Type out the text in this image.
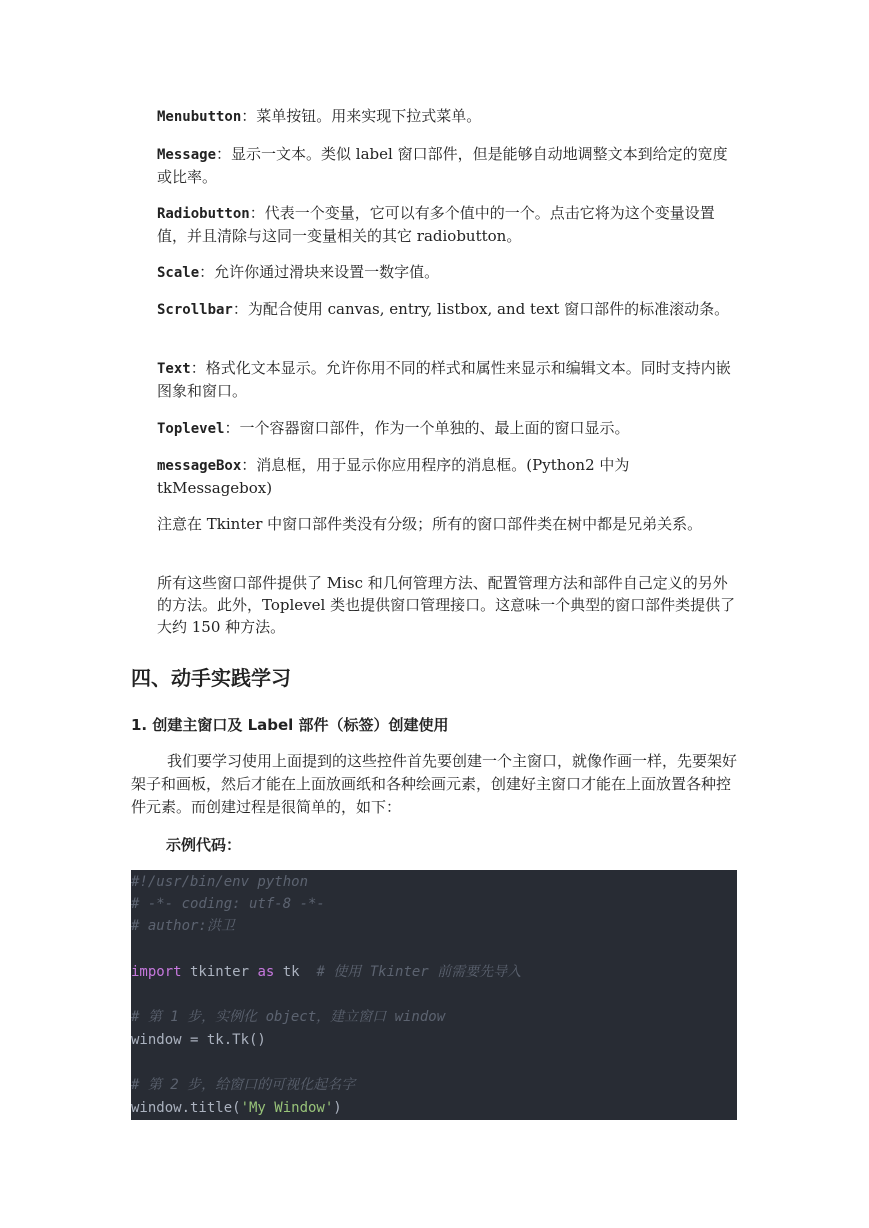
Menubutton：菜单按钮。用来实现下拉式菜单。
Message：显示一文本。类似 label 窗口部件，但是能够自动地调整文本到给定的宽度或比率。
Radiobutton：代表一个变量，它可以有多个值中的一个。点击它将为这个变量设置值，并且清除与这同一变量相关的其它 radiobutton。
Scale：允许你通过滑块来设置一数字值。
Scrollbar：为配合使用 canvas, entry, listbox, and text 窗口部件的标准滚动条。
Text：格式化文本显示。允许你用不同的样式和属性来显示和编辑文本。同时支持内嵌图象和窗口。
Toplevel：一个容器窗口部件，作为一个单独的、最上面的窗口显示。
messageBox：消息框，用于显示你应用程序的消息框。(Python2 中为 tkMessagebox)
注意在 Tkinter 中窗口部件类没有分级；所有的窗口部件类在树中都是兄弟关系。
所有这些窗口部件提供了 Misc 和几何管理方法、配置管理方法和部件自己定义的另外的方法。此外，Toplevel 类也提供窗口管理接口。这意味一个典型的窗口部件类提供了大约 150 种方法。
四、动手实践学习
1. 创建主窗口及 Label 部件（标签）创建使用
我们要学习使用上面提到的这些控件首先要创建一个主窗口，就像作画一样，先要架好架子和画板，然后才能在上面放画纸和各种绘画元素，创建好主窗口才能在上面放置各种控件元素。而创建过程是很简单的，如下：
示例代码：
#!/usr/bin/env python
# -*- coding: utf-8 -*-
# author:洪卫
import tkinter as tk  # 使用 Tkinter 前需要先导入
# 第 1 步，实例化 object，建立窗口 window
window = tk.Tk()
# 第 2 步，给窗口的可视化起名字
window.title('My Window')
